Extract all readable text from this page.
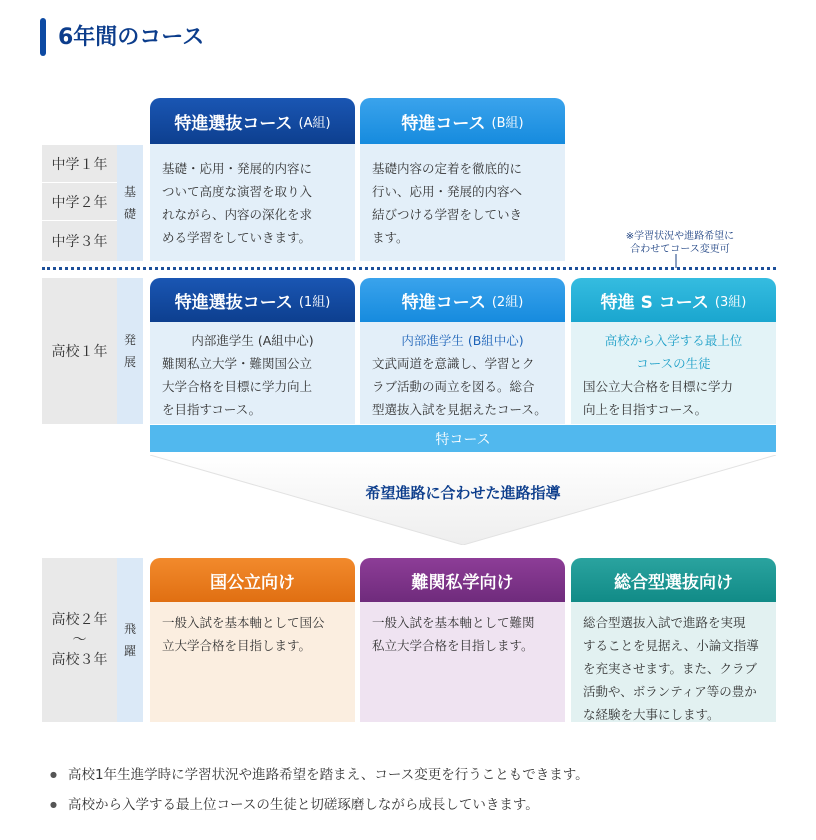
6年間のコース
中学１年
中学２年
中学３年
基
礎
特進選抜コース (A組)
基礎・応用・発展的内容に
ついて高度な演習を取り入
れながら、内容の深化を求
める学習をしていきます。
特進コース (B組)
基礎内容の定着を徹底的に
行い、応用・発展的内容へ
結びつける学習をしていき
ます。	※学習状況や進路希望に
合わせてコース変更可
高校１年
発
展
特進選抜コース (1組)
内部進学生 (A組中心)
難関私立大学・難関国公立
大学合格を目標に学力向上
を目指すコース。
特進コース (2組)
内部進学生 (B組中心)
文武両道を意識し、学習とク
ラブ活動の両立を図る。総合
型選抜入試を見据えたコース。
特進 S コース (3組)
高校から入学する最上位
コースの生徒
国公立大合格を目標に学力
向上を目指すコース。
特コース
希望進路に合わせた進路指導
高校２年
〜
高校３年
飛
躍
国公立向け
一般入試を基本軸として国公
立大学合格を目指します。
難関私学向け
一般入試を基本軸として難関
私立大学合格を目指します。
総合型選抜向け
総合型選抜入試で進路を実現
することを見据え、小論文指導
を充実させます。また、クラブ
活動や、ボランティア等の豊か
な経験を大事にします。
● 高校1年生進学時に学習状況や進路希望を踏まえ、コース変更を行うこともできます。
● 高校から入学する最上位コースの生徒と切磋琢磨しながら成長していきます。
